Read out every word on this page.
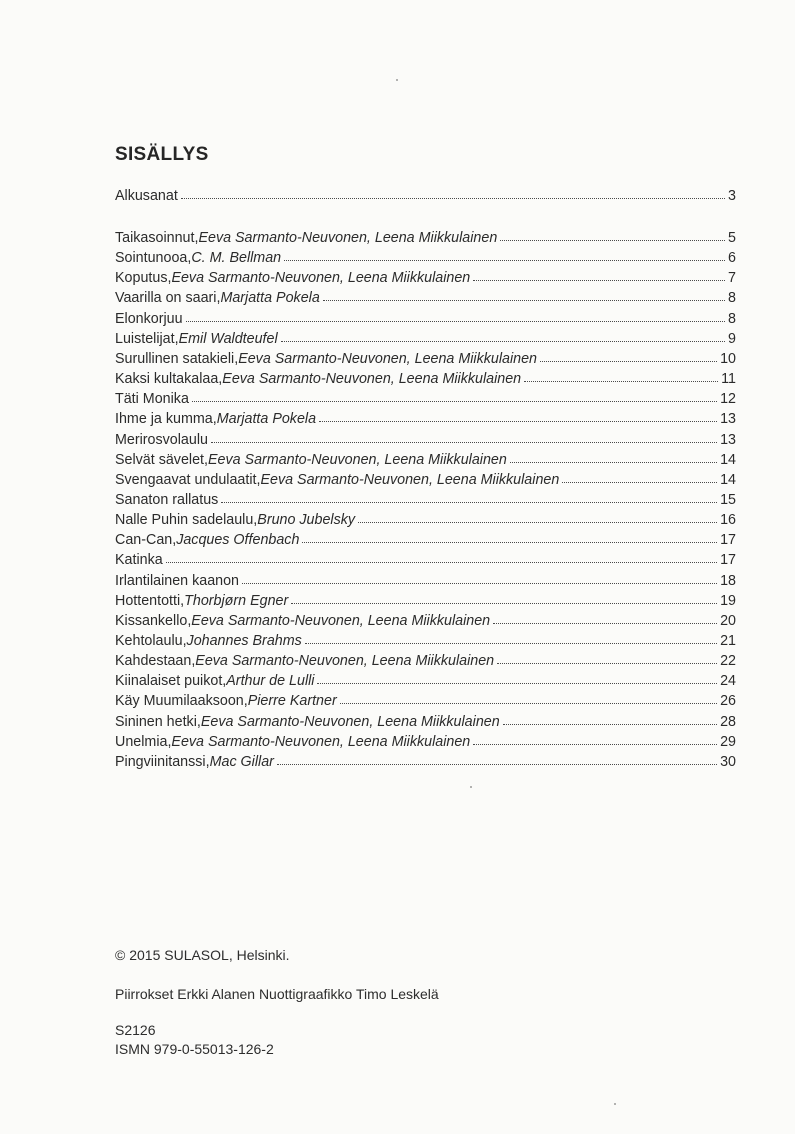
SISÄLLYS
Alkusanat	3
Taikasoinnut, Eeva Sarmanto-Neuvonen, Leena Miikkulainen	5
Sointunooa, C. M. Bellman	6
Koputus, Eeva Sarmanto-Neuvonen, Leena Miikkulainen	7
Vaarilla on saari, Marjatta Pokela	8
Elonkorjuu	8
Luistelijat, Emil Waldteufel	9
Surullinen satakieli, Eeva Sarmanto-Neuvonen, Leena Miikkulainen	10
Kaksi kultakalaa, Eeva Sarmanto-Neuvonen, Leena Miikkulainen	11
Täti Monika	12
Ihme ja kumma, Marjatta Pokela	13
Merirosvolaulu	13
Selvät sävelet, Eeva Sarmanto-Neuvonen, Leena Miikkulainen	14
Svengaavat undulaatit, Eeva Sarmanto-Neuvonen, Leena Miikkulainen	14
Sanaton rallatus	15
Nalle Puhin sadelaulu, Bruno Jubelsky	16
Can-Can, Jacques Offenbach	17
Katinka	17
Irlantilainen kaanon	18
Hottentotti, Thorbjørn Egner	19
Kissankello, Eeva Sarmanto-Neuvonen, Leena Miikkulainen	20
Kehtolaulu, Johannes Brahms	21
Kahdestaan, Eeva Sarmanto-Neuvonen, Leena Miikkulainen	22
Kiinalaiset puikot, Arthur de Lulli	24
Käy Muumilaaksoon, Pierre Kartner	26
Sininen hetki, Eeva Sarmanto-Neuvonen, Leena Miikkulainen	28
Unelmia, Eeva Sarmanto-Neuvonen, Leena Miikkulainen	29
Pingviinitanssi, Mac Gillar	30
© 2015 SULASOL, Helsinki.
Piirrokset Erkki Alanen Nuottigraafikko Timo Leskelä
S2126
ISMN 979-0-55013-126-2
